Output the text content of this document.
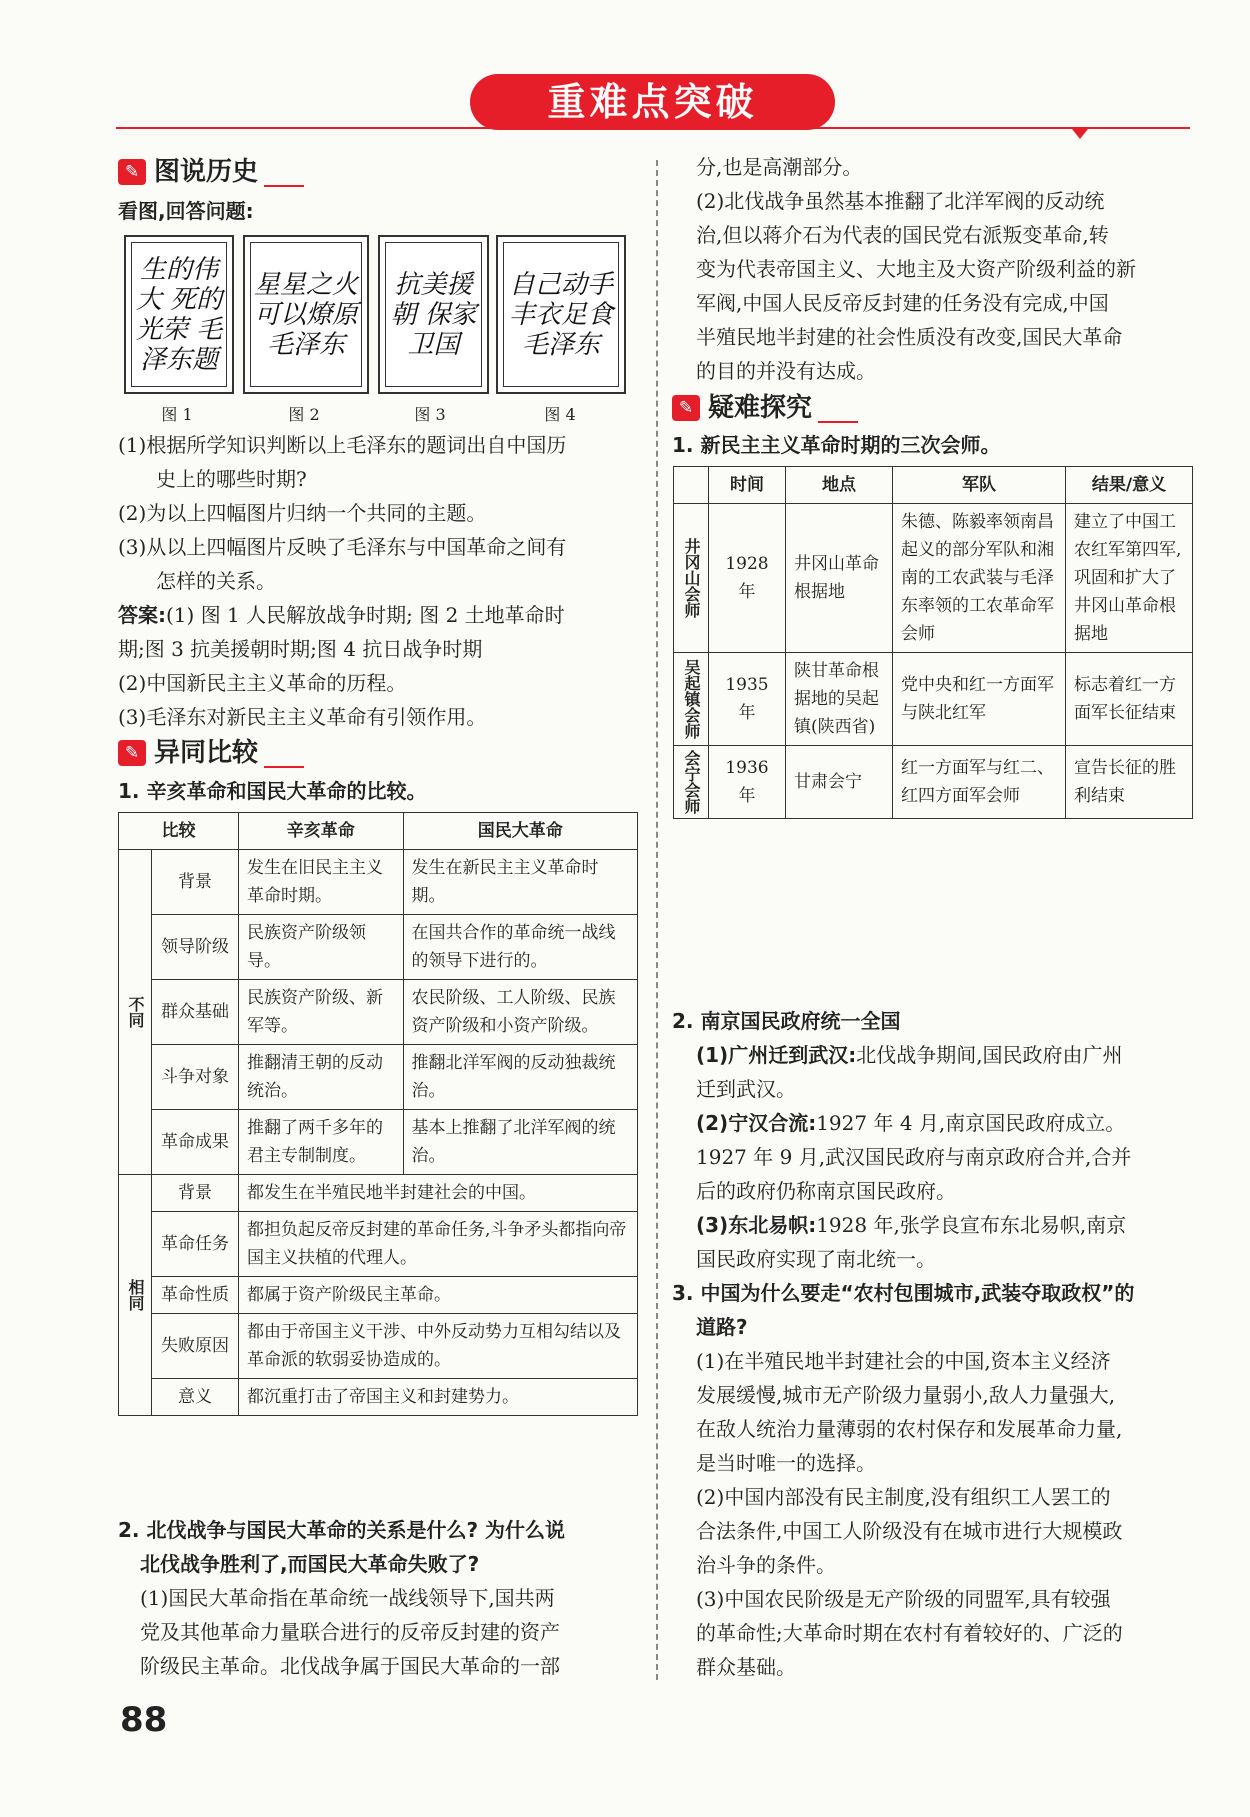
重难点突破
✎ 图说历史
看图,回答问题:
生的伟大 死的光荣 毛泽东题
星星之火 可以燎原 毛泽东
抗美援朝 保家卫国
自己动手 丰衣足食 毛泽东
图 1	图 2	图 3	图 4
(1)根据所学知识判断以上毛泽东的题词出自中国历
史上的哪些时期?
(2)为以上四幅图片归纳一个共同的主题。
(3)从以上四幅图片反映了毛泽东与中国革命之间有
怎样的关系。
答案:(1) 图 1 人民解放战争时期; 图 2 土地革命时
期;图 3 抗美援朝时期;图 4 抗日战争时期
(2)中国新民主主义革命的历程。
(3)毛泽东对新民主主义革命有引领作用。
✎ 异同比较
1. 辛亥革命和国民大革命的比较。
比较		辛亥革命	国民大革命
不同	背景	发生在旧民主主义革命时期。	发生在新民主主义革命时期。
	领导阶级	民族资产阶级领导。	在国共合作的革命统一战线的领导下进行的。
	群众基础	民族资产阶级、新军等。	农民阶级、工人阶级、民族资产阶级和小资产阶级。
	斗争对象	推翻清王朝的反动统治。	推翻北洋军阀的反动独裁统治。
	革命成果	推翻了两千多年的君主专制制度。	基本上推翻了北洋军阀的统治。
相同	背景	都发生在半殖民地半封建社会的中国。	
	革命任务	都担负起反帝反封建的革命任务,斗争矛头都指向帝国主义扶植的代理人。	
	革命性质	都属于资产阶级民主革命。	
	失败原因	都由于帝国主义干涉、中外反动势力互相勾结以及革命派的软弱妥协造成的。	
	意义	都沉重打击了帝国主义和封建势力。	
2. 北伐战争与国民大革命的关系是什么? 为什么说
北伐战争胜利了,而国民大革命失败了?
(1)国民大革命指在革命统一战线领导下,国共两
党及其他革命力量联合进行的反帝反封建的资产
阶级民主革命。北伐战争属于国民大革命的一部
分,也是高潮部分。
(2)北伐战争虽然基本推翻了北洋军阀的反动统
治,但以蒋介石为代表的国民党右派叛变革命,转
变为代表帝国主义、大地主及大资产阶级利益的新
军阀,中国人民反帝反封建的任务没有完成,中国
半殖民地半封建的社会性质没有改变,国民大革命
的目的并没有达成。
✎ 疑难探究
1. 新民主主义革命时期的三次会师。
	时间	地点	军队	结果/意义
井冈山会师	1928 年	井冈山革命根据地	朱德、陈毅率领南昌起义的部分军队和湘南的工农武装与毛泽东率领的工农革命军会师	建立了中国工农红军第四军,巩固和扩大了井冈山革命根据地
吴起镇会师	1935 年	陕甘革命根据地的吴起镇(陕西省)	党中央和红一方面军与陕北红军	标志着红一方面军长征结束
会宁会师	1936 年	甘肃会宁	红一方面军与红二、红四方面军会师	宣告长征的胜利结束
2. 南京国民政府统一全国
(1)广州迁到武汉:北伐战争期间,国民政府由广州
迁到武汉。
(2)宁汉合流:1927 年 4 月,南京国民政府成立。
1927 年 9 月,武汉国民政府与南京政府合并,合并
后的政府仍称南京国民政府。
(3)东北易帜:1928 年,张学良宣布东北易帜,南京
国民政府实现了南北统一。
3. 中国为什么要走“农村包围城市,武装夺取政权”的
道路?
(1)在半殖民地半封建社会的中国,资本主义经济
发展缓慢,城市无产阶级力量弱小,敌人力量强大,
在敌人统治力量薄弱的农村保存和发展革命力量,
是当时唯一的选择。
(2)中国内部没有民主制度,没有组织工人罢工的
合法条件,中国工人阶级没有在城市进行大规模政
治斗争的条件。
(3)中国农民阶级是无产阶级的同盟军,具有较强
的革命性;大革命时期在农村有着较好的、广泛的
群众基础。
88
